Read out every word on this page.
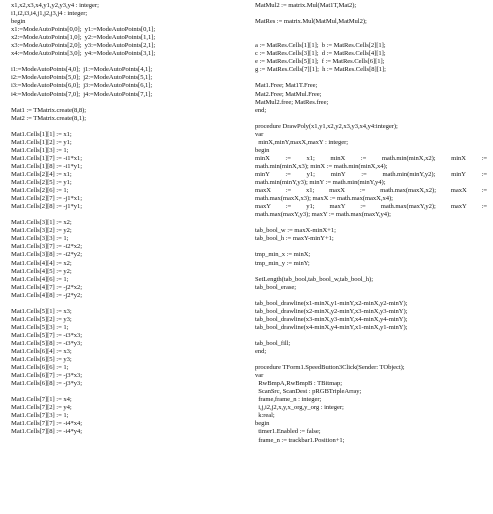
x1,x2,x3,x4,y1,y2,y3,y4 : integer;
i1,i2,i3,i4,j1,j2,j3,j4 : integer;
begin
x1:=ModeAutoPoints[0,0];  y1:=ModeAutoPoints[0,1];
x2:=ModeAutoPoints[1,0];  y2:=ModeAutoPoints[1,1];
x3:=ModeAutoPoints[2,0];  y3:=ModeAutoPoints[2,1];
x4:=ModeAutoPoints[3,0];  y4:=ModeAutoPoints[3,1];
i1:=ModeAutoPoints[4,0];  j1:=ModeAutoPoints[4,1];
i2:=ModeAutoPoints[5,0];  j2:=ModeAutoPoints[5,1];
i3:=ModeAutoPoints[6,0];  j3:=ModeAutoPoints[6,1];
i4:=ModeAutoPoints[7,0];  j4:=ModeAutoPoints[7,1];
Mat1 := TMatrix.create(8,8);
Mat2 := TMatrix.create(8,1);
Mat1.Cells[1][1] := x1;
Mat1.Cells[1][2] := y1;
Mat1.Cells[1][3] := 1;
Mat1.Cells[1][7] := -i1*x1;
Mat1.Cells[1][8] := -i1*y1;
Mat1.Cells[2][4] := x1;
Mat1.Cells[2][5] := y1;
Mat1.Cells[2][6] := 1;
Mat1.Cells[2][7] := -j1*x1;
Mat1.Cells[2][8] := -j1*y1;
Mat1.Cells[3][1] := x2;
Mat1.Cells[3][2] := y2;
Mat1.Cells[3][3] := 1;
Mat1.Cells[3][7] := -i2*x2;
Mat1.Cells[3][8] := -i2*y2;
Mat1.Cells[4][4] := x2;
Mat1.Cells[4][5] := y2;
Mat1.Cells[4][6] := 1;
Mat1.Cells[4][7] := -j2*x2;
Mat1.Cells[4][8] := -j2*y2;
Mat1.Cells[5][1] := x3;
Mat1.Cells[5][2] := y3;
Mat1.Cells[5][3] := 1;
Mat1.Cells[5][7] := -i3*x3;
Mat1.Cells[5][8] := -i3*y3;
Mat1.Cells[6][4] := x3;
Mat1.Cells[6][5] := y3;
Mat1.Cells[6][6] := 1;
Mat1.Cells[6][7] := -j3*x3;
Mat1.Cells[6][8] := -j3*y3;
Mat1.Cells[7][1] := x4;
Mat1.Cells[7][2] := y4;
Mat1.Cells[7][3] := 1;
Mat1.Cells[7][7] := -i4*x4;
Mat1.Cells[7][8] := -i4*y4;
MatMul2 := matrix.Mul(Mat1T,Mat2);
MatRes := matrix.Mul(MatMul,MatMul2);
a := MatRes.Cells[1][1];  b := MatRes.Cells[2][1];
c := MatRes.Cells[3][1];  d := MatRes.Cells[4][1];
e := MatRes.Cells[5][1];  f := MatRes.Cells[6][1];
g := MatRes.Cells[7][1];  h := MatRes.Cells[8][1];
Mat1.Free; Mat1T.Free;
Mat2.Free; MatMul.Free;
MatMul2.free; MatRes.free;
end;
procedure DrawPoly(x1,y1,x2,y2,x3,y3,x4,y4:integer);
var
minX,minY,maxX,maxY : integer;
begin
minX := x1; minX := math.min(minX,x2); minX :=
math.min(minX,x3); minX := math.min(minX,x4);
minY := y1; minY := math.min(minY,y2); minY :=
math.min(minY,y3); minY := math.min(minY,y4);
maxX := x1; maxX := math.max(maxX,x2); maxX :=
math.max(maxX,x3); maxX := math.max(maxX,x4);
maxY := y1; maxY := math.max(maxY,y2); maxY :=
math.max(maxY,y3); maxY := math.max(maxY,y4);
tab_bool_w := maxX-minX+1;
tab_bool_h := maxY-minY+1;
tmp_min_x := minX;
tmp_min_y := minY;
SetLength(tab_bool,tab_bool_w,tab_bool_h);
tab_bool_erase;
tab_bool_drawline(x1-minX,y1-minY,x2-minX,y2-minY);
tab_bool_drawline(x2-minX,y2-minY,x3-minX,y3-minY);
tab_bool_drawline(x3-minX,y3-minY,x4-minX,y4-minY);
tab_bool_drawline(x4-minX,y4-minY,x1-minX,y1-minY);
tab_bool_fill;
end;
procedure TForm1.SpeedButton3Click(Sender: TObject);
var
RwBmpA,RwBmpB : TBitmap;
ScanSrc, ScanDest : pRGBTripleArray;
frame,frame_n : integer;
i,j,i2,j2,x,y,x_org,y_org : integer;
k:real;
begin
timer1.Enabled := false;
frame_n := trackbar1.Position+1;
